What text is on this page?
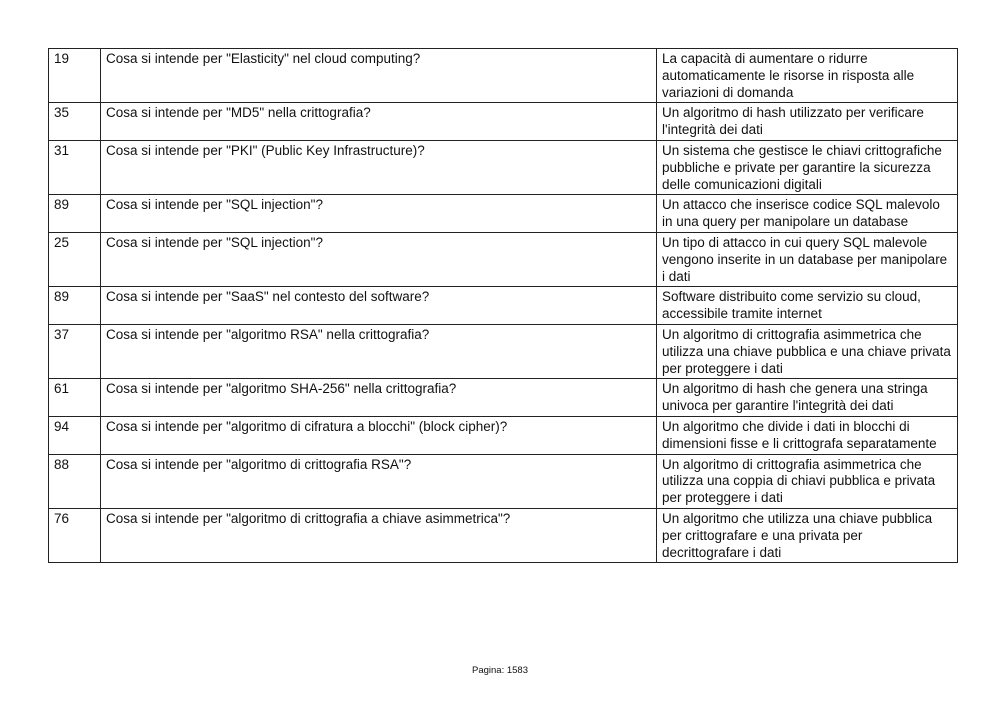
19	Cosa si intende per "Elasticity" nel cloud computing?	La capacità di aumentare o ridurre automaticamente le risorse in risposta alle variazioni di domanda
35	Cosa si intende per "MD5" nella crittografia?	Un algoritmo di hash utilizzato per verificare l'integrità dei dati
31	Cosa si intende per "PKI" (Public Key Infrastructure)?	Un sistema che gestisce le chiavi crittografiche pubbliche e private per garantire la sicurezza delle comunicazioni digitali
89	Cosa si intende per "SQL injection"?	Un attacco che inserisce codice SQL malevolo in una query per manipolare un database
25	Cosa si intende per "SQL injection"?	Un tipo di attacco in cui query SQL malevole vengono inserite in un database per manipolare i dati
89	Cosa si intende per "SaaS" nel contesto del software?	Software distribuito come servizio su cloud, accessibile tramite internet
37	Cosa si intende per "algoritmo RSA" nella crittografia?	Un algoritmo di crittografia asimmetrica che utilizza una chiave pubblica e una chiave privata per proteggere i dati
61	Cosa si intende per "algoritmo SHA-256" nella crittografia?	Un algoritmo di hash che genera una stringa univoca per garantire l'integrità dei dati
94	Cosa si intende per "algoritmo di cifratura a blocchi" (block cipher)?	Un algoritmo che divide i dati in blocchi di dimensioni fisse e li crittografa separatamente
88	Cosa si intende per "algoritmo di crittografia RSA"?	Un algoritmo di crittografia asimmetrica che utilizza una coppia di chiavi pubblica e privata per proteggere i dati
76	Cosa si intende per "algoritmo di crittografia a chiave asimmetrica"?	Un algoritmo che utilizza una chiave pubblica per crittografare e una privata per decrittografare i dati
Pagina: 1583
